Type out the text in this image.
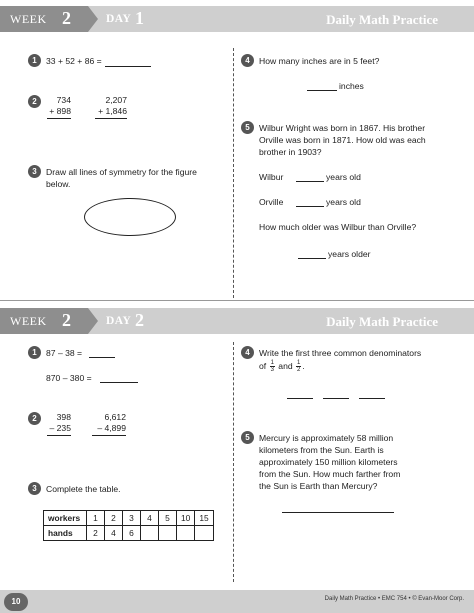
WEEK 2	DAY 1	Daily Math Practice
1	33 + 52 + 86 =
2	734
+ 898
2,207
+ 1,846
3	Draw all lines of symmetry for the figure
below.
4	How many inches are in 5 feet?
inches
5	Wilbur Wright was born in 1867. His brother
Orville was born in 1871. How old was each
brother in 1903?
Wilbur	years old
Orville	years old
How much older was Wilbur than Orville?
years older
WEEK 2	DAY 2	Daily Math Practice
1	87 – 38 =
870 – 380 =
2	398
– 235
6,612
– 4,899
3	Complete the table.
workers	1	2	3	4	5	10	15
hands	2	4	6				
4	Write the first three common denominators
of $\frac{1}{3}$ and $\frac{1}{2}$ .
5	Mercury is approximately 58 million
kilometers from the Sun. Earth is
approximately 150 million kilometers
from the Sun. How much farther from
the Sun is Earth than Mercury?
10	Daily Math Practice • EMC 754 • © Evan-Moor Corp.
